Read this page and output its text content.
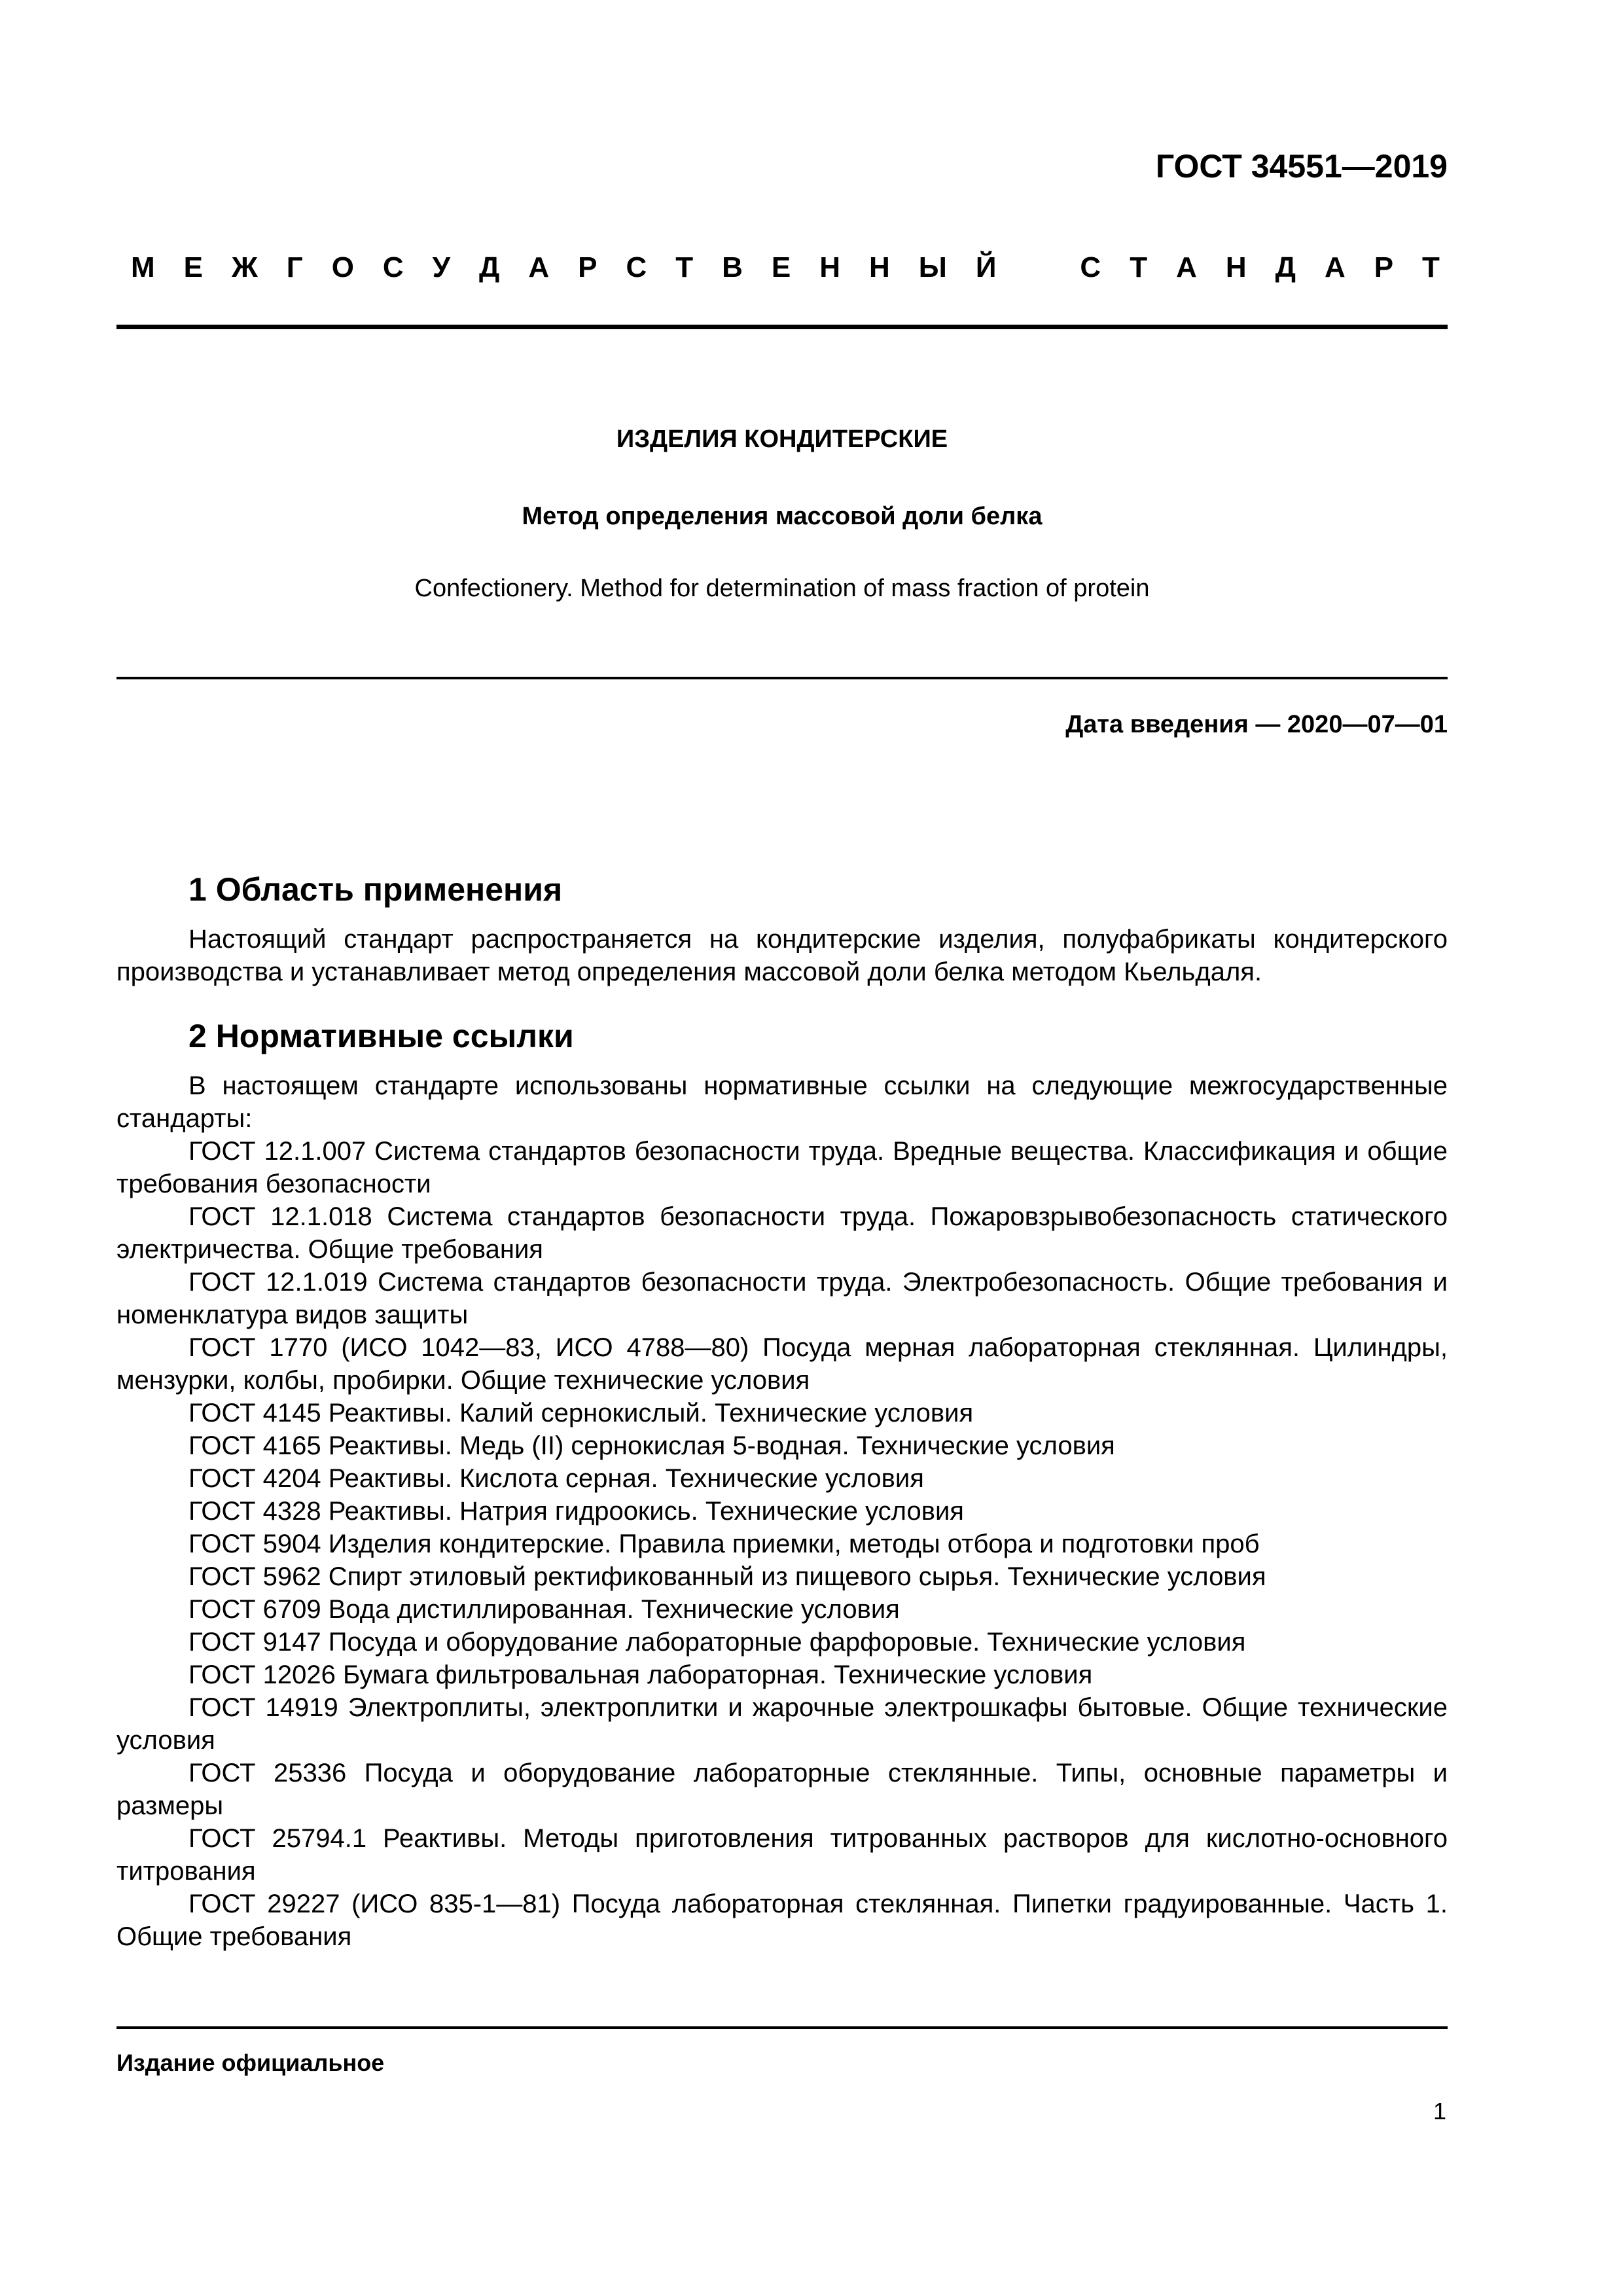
ГОСТ 34551—2019
М Е Ж Г О С У Д А Р С Т В Е Н Н Ы Й	С Т А Н Д А Р Т
ИЗДЕЛИЯ КОНДИТЕРСКИЕ
Метод определения массовой доли белка
Confectionery. Method for determination of mass fraction of protein
Дата введения — 2020—07—01
1 Область применения

Настоящий стандарт распространяется на кондитерские изделия, полуфабрикаты кондитерского производства и устанавливает метод определения массовой доли белка методом Кьельдаля.

2 Нормативные ссылки

В настоящем стандарте использованы нормативные ссылки на следующие межгосударственные стандарты:

ГОСТ 12.1.007 Система стандартов безопасности труда. Вредные вещества. Классификация и общие требования безопасности

ГОСТ 12.1.018 Система стандартов безопасности труда. Пожаровзрывобезопасность статического электричества. Общие требования

ГОСТ 12.1.019 Система стандартов безопасности труда. Электробезопасность. Общие требования и номенклатура видов защиты

ГОСТ 1770 (ИСО 1042—83, ИСО 4788—80) Посуда мерная лабораторная стеклянная. Цилиндры, мензурки, колбы, пробирки. Общие технические условия

ГОСТ 4145 Реактивы. Калий сернокислый. Технические условия

ГОСТ 4165 Реактивы. Медь (II) сернокислая 5-водная. Технические условия

ГОСТ 4204 Реактивы. Кислота серная. Технические условия

ГОСТ 4328 Реактивы. Натрия гидроокись. Технические условия

ГОСТ 5904 Изделия кондитерские. Правила приемки, методы отбора и подготовки проб

ГОСТ 5962 Спирт этиловый ректификованный из пищевого сырья. Технические условия

ГОСТ 6709 Вода дистиллированная. Технические условия

ГОСТ 9147 Посуда и оборудование лабораторные фарфоровые. Технические условия

ГОСТ 12026 Бумага фильтровальная лабораторная. Технические условия

ГОСТ 14919 Электроплиты, электроплитки и жарочные электрошкафы бытовые. Общие технические условия

ГОСТ 25336 Посуда и оборудование лабораторные стеклянные. Типы, основные параметры и размеры

ГОСТ 25794.1 Реактивы. Методы приготовления титрованных растворов для кислотно-основного титрования

ГОСТ 29227 (ИСО 835-1—81) Посуда лабораторная стеклянная. Пипетки градуированные. Часть 1. Общие требования

Издание официальное
1
